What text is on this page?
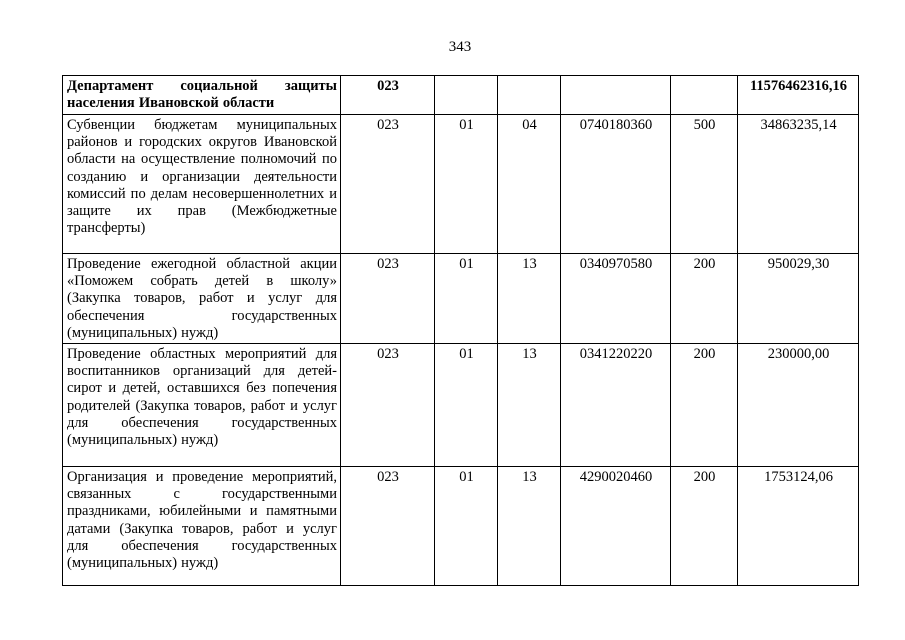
343
Департамент социальной защиты населения Ивановской области	023					11576462316,16
Субвенции бюджетам муниципальных районов и городских округов Ивановской области на осуществление полномочий по созданию и организации деятельности комиссий по делам несовершеннолетних и защите их прав (Межбюджетные трансферты)	023	01	04	0740180360	500	34863235,14
Проведение ежегодной областной акции «Поможем собрать детей в школу» (Закупка товаров, работ и услуг для обеспечения государственных (муниципальных) нужд)	023	01	13	0340970580	200	950029,30
Проведение областных мероприятий для воспитанников организаций для детей-сирот и детей, оставшихся без попечения родителей (Закупка товаров, работ и услуг для обеспечения государственных (муниципальных) нужд)	023	01	13	0341220220	200	230000,00
Организация и проведение мероприятий, связанных с государственными праздниками, юбилейными и памятными датами (Закупка товаров, работ и услуг для обеспечения государственных (муниципальных) нужд)	023	01	13	4290020460	200	1753124,06
